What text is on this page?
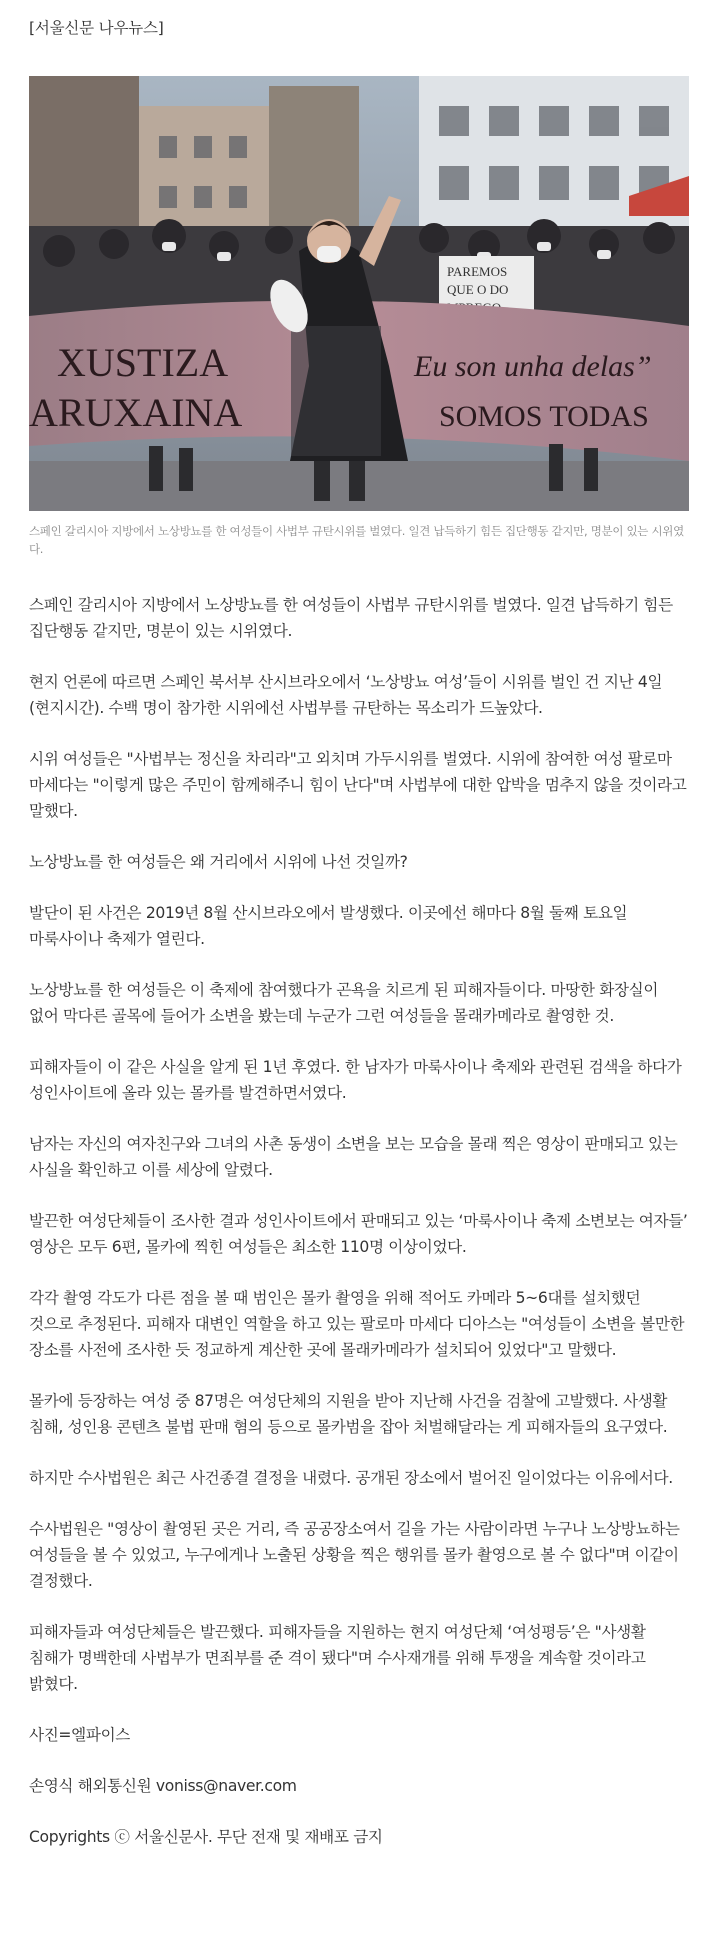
[서울신문 나우뉴스]
PAREMOS
QUE O DO
XUSTIZA
ARUXAINA
Eu son unha delas”
SOMOS TODAS
스페인 갈리시아 지방에서 노상방뇨를 한 여성들이 사법부 규탄시위를 벌였다. 일견 납득하기 힘든 집단행동 같지만, 명분이 있는 시위였다.

스페인 갈리시아 지방에서 노상방뇨를 한 여성들이 사법부 규탄시위를 벌였다. 일견 납득하기 힘든 집단행동 같지만, 명분이 있는 시위였다.

현지 언론에 따르면 스페인 북서부 산시브라오에서 ‘노상방뇨 여성’들이 시위를 벌인 건 지난 4일(현지시간). 수백 명이 참가한 시위에선 사법부를 규탄하는 목소리가 드높았다.

시위 여성들은 "사법부는 정신을 차리라"고 외치며 가두시위를 벌였다. 시위에 참여한 여성 팔로마 마세다는 "이렇게 많은 주민이 함께해주니 힘이 난다"며 사법부에 대한 압박을 멈추지 않을 것이라고 말했다.

노상방뇨를 한 여성들은 왜 거리에서 시위에 나선 것일까?

발단이 된 사건은 2019년 8월 산시브라오에서 발생했다. 이곳에선 해마다 8월 둘째 토요일 마룩사이나 축제가 열린다.

노상방뇨를 한 여성들은 이 축제에 참여했다가 곤욕을 치르게 된 피해자들이다. 마땅한 화장실이 없어 막다른 골목에 들어가 소변을 봤는데 누군가 그런 여성들을 몰래카메라로 촬영한 것.

피해자들이 이 같은 사실을 알게 된 1년 후였다. 한 남자가 마룩사이나 축제와 관련된 검색을 하다가 성인사이트에 올라 있는 몰카를 발견하면서였다.

남자는 자신의 여자친구와 그녀의 사촌 동생이 소변을 보는 모습을 몰래 찍은 영상이 판매되고 있는 사실을 확인하고 이를 세상에 알렸다.

발끈한 여성단체들이 조사한 결과 성인사이트에서 판매되고 있는 ‘마룩사이나 축제 소변보는 여자들’ 영상은 모두 6편, 몰카에 찍힌 여성들은 최소한 110명 이상이었다.

각각 촬영 각도가 다른 점을 볼 때 범인은 몰카 촬영을 위해 적어도 카메라 5~6대를 설치했던 것으로 추정된다. 피해자 대변인 역할을 하고 있는 팔로마 마세다 디아스는 "여성들이 소변을 볼만한 장소를 사전에 조사한 듯 정교하게 계산한 곳에 몰래카메라가 설치되어 있었다"고 말했다.

몰카에 등장하는 여성 중 87명은 여성단체의 지원을 받아 지난해 사건을 검찰에 고발했다. 사생활 침해, 성인용 콘텐츠 불법 판매 혐의 등으로 몰카범을 잡아 처벌해달라는 게 피해자들의 요구였다.

하지만 수사법원은 최근 사건종결 결정을 내렸다. 공개된 장소에서 벌어진 일이었다는 이유에서다.

수사법원은 "영상이 촬영된 곳은 거리, 즉 공공장소여서 길을 가는 사람이라면 누구나 노상방뇨하는 여성들을 볼 수 있었고, 누구에게나 노출된 상황을 찍은 행위를 몰카 촬영으로 볼 수 없다"며 이같이 결정했다.

피해자들과 여성단체들은 발끈했다. 피해자들을 지원하는 현지 여성단체 ‘여성평등’은 "사생활 침해가 명백한데 사법부가 면죄부를 준 격이 됐다"며 수사재개를 위해 투쟁을 계속할 것이라고 밝혔다.

사진=엘파이스

손영식 해외통신원 voniss@naver.com

Copyrights ⓒ 서울신문사. 무단 전재 및 재배포 금지
